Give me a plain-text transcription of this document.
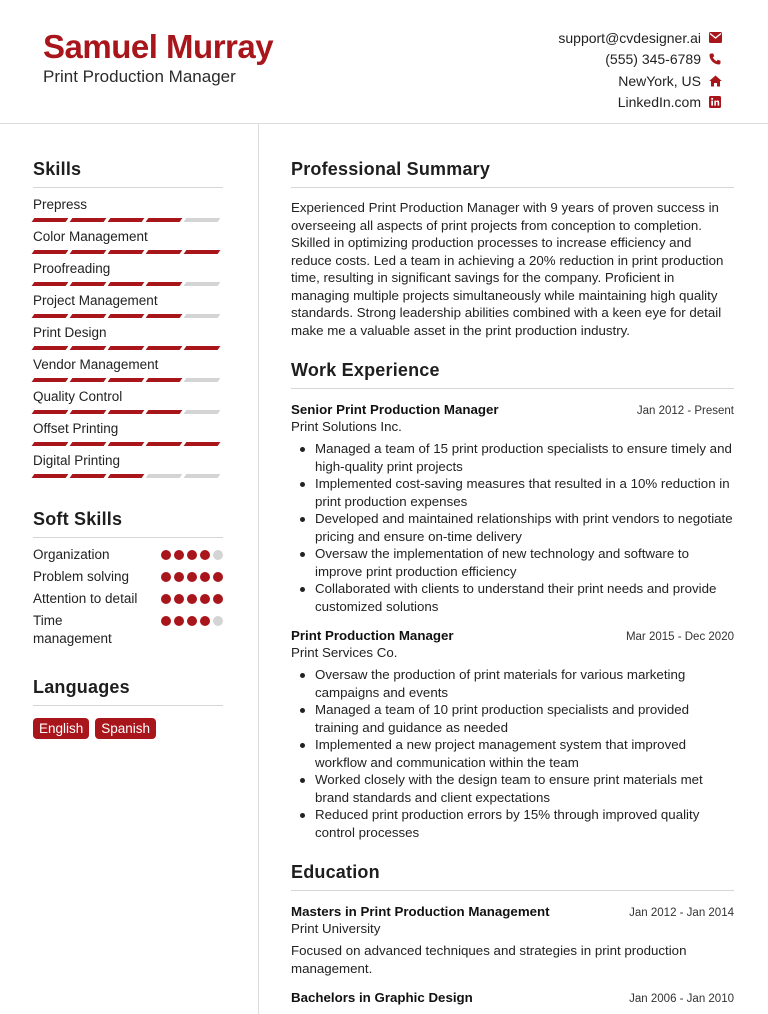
Samuel Murray
Print Production Manager
support@cvdesigner.ai
(555) 345-6789
NewYork, US
LinkedIn.com
Skills
Prepress
Color Management
Proofreading
Project Management
Print Design
Vendor Management
Quality Control
Offset Printing
Digital Printing
Soft Skills
Organization
Problem solving
Attention to detail
Time management
Languages
English	Spanish
Professional Summary

Experienced Print Production Manager with 9 years of proven success in overseeing all aspects of print projects from conception to completion. Skilled in optimizing production processes to increase efficiency and reduce costs. Led a team in achieving a 20% reduction in print production time, resulting in significant savings for the company. Proficient in managing multiple projects simultaneously while maintaining high quality standards. Strong leadership abilities combined with a keen eye for detail make me a valuable asset in the print production industry.

Work Experience
Senior Print Production Manager	Jan 2012 - Present
Print Solutions Inc.
Managed a team of 15 print production specialists to ensure timely and high-quality print projects
Implemented cost-saving measures that resulted in a 10% reduction in print production expenses
Developed and maintained relationships with print vendors to negotiate pricing and ensure on-time delivery
Oversaw the implementation of new technology and software to improve print production efficiency
Collaborated with clients to understand their print needs and provide customized solutions
Print Production Manager	Mar 2015 - Dec 2020
Print Services Co.
Oversaw the production of print materials for various marketing campaigns and events
Managed a team of 10 print production specialists and provided training and guidance as needed
Implemented a new project management system that improved workflow and communication within the team
Worked closely with the design team to ensure print materials met brand standards and client expectations
Reduced print production errors by 15% through improved quality control processes
Education
Masters in Print Production Management	Jan 2012 - Jan 2014
Print University

Focused on advanced techniques and strategies in print production management.

Bachelors in Graphic Design	Jan 2006 - Jan 2010
